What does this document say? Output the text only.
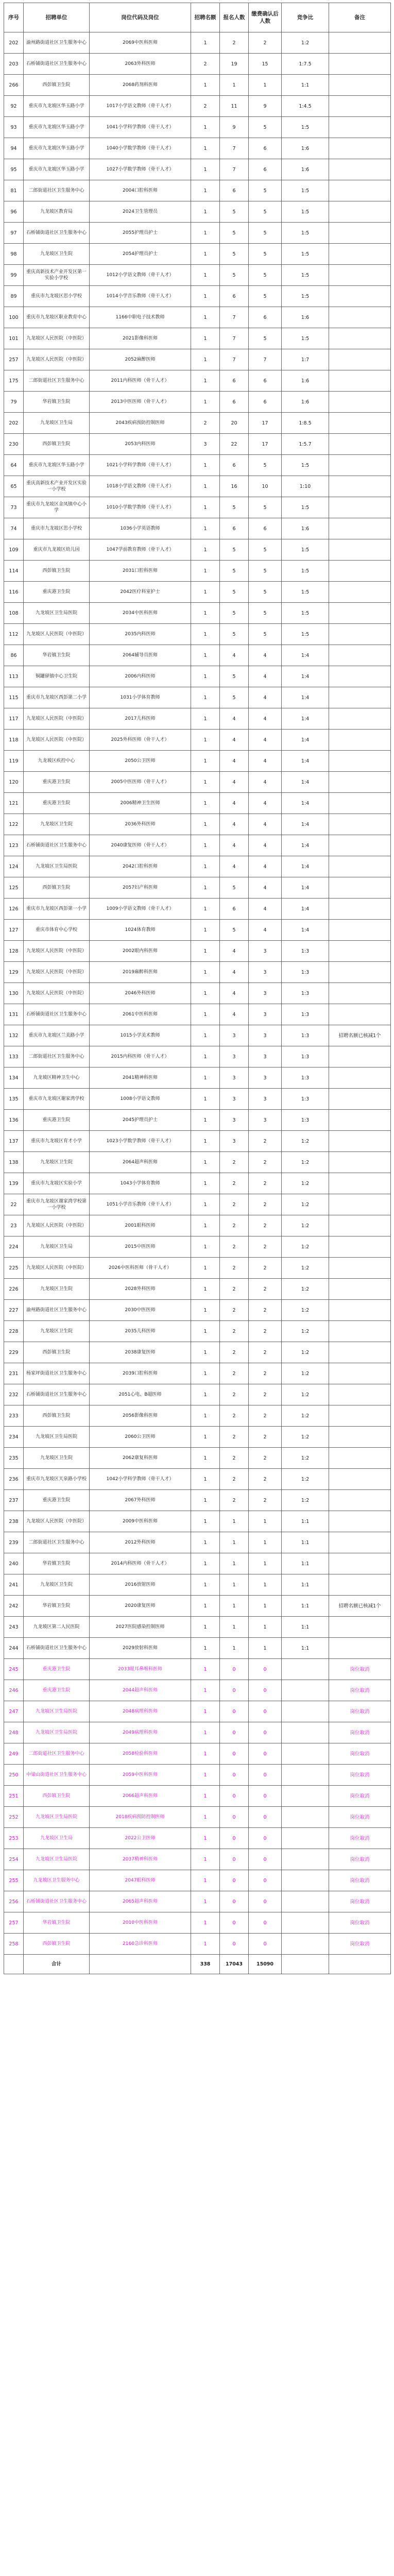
序号	招聘单位	岗位代码及岗位	招聘名额	报名人数	缴费确认后人数	竞争比	备注
202	渝州路街道社区卫生服务中心	2069中医科医师	1	2	2	1:2	
203	石桥铺街道社区卫生服务中心	2063外科医师	2	19	15	1:7.5	
266	西彭镇卫生院	2068药剂科医师	1	1	1	1:1	
92	重庆市九龙坡区华玉路小学	1017小学语文教师（骨干人才）	2	11	9	1:4.5	
93	重庆市九龙坡区华玉路小学	1041小学科学教师（骨干人才）	1	9	5	1:5	
94	重庆市九龙坡区华玉路小学	1040小学数学教师（骨干人才）	1	7	6	1:6	
95	重庆市九龙坡区华玉路小学	1027小学数学教师（骨干人才）	1	7	6	1:6	
81	二郎街道社区卫生服务中心	2004口腔科医师	1	6	5	1:5	
96	九龙坡区教育局	2024卫生管理员	1	5	5	1:5	
97	石桥铺街道社区卫生服务中心	2055护理员护士	1	5	5	1:5	
98	九龙坡区卫生院	2054护理员护士	1	5	5	1:5	
99	重庆高新技术产业开发区第一实验小学校	1012小学语文教师（骨干人才）	1	5	5	1:5	
89	重庆市九龙坡区思小学校	1014小学音乐教师（骨干人才）	1	6	5	1:5	
100	重庆市九龙坡区职业教育中心	1166中职电子技术教师	1	7	6	1:6	
101	九龙坡区人民医院（中医院）	2021影像科医师	1	7	5	1:5	
257	九龙坡区人民医院（中医院）	2052麻醉医师	1	7	7	1:7	
175	二郎街道社区卫生服务中心	2011内科医师（骨干人才）	1	6	6	1:6	
79	华岩镇卫生院	2013中医医师（骨干人才）	1	6	6	1:6	
202	九龙坡区卫生局	2043疾病预防控制医师	2	20	17	1:8.5	
230	西彭镇卫生院	2053内科医师	3	22	17	1:5.7	
64	重庆市九龙坡区华玉路小学	1021小学科学教师（骨干人才）	1	6	5	1:5	
65	重庆高新技术产业开发区实验一小学校	1018小学语文教师（骨干人才）	1	16	10	1:10	
73	重庆市九龙坡区金凤镇中心小学	1010小学数学教师（骨干人才）	1	5	5	1:5	
74	重庆市九龙坡区思小学校	1036小学英语教师	1	6	6	1:6	
109	重庆市九龙坡区幼儿园	1047学前教育教师（骨干人才）	1	5	5	1:5	
114	西彭镇卫生院	2031口腔科医师	1	5	5	1:5	
116	重庆港卫生院	2042医疗科室护士	1	5	5	1:5	
108	九龙坡区卫生局医院	2034中医科医师	1	5	5	1:5	
112	九龙坡区人民医院（中医院）	2035内科医师	1	5	5	1:5	
86	华岩镇卫生院	2064辅导员医师	1	4	4	1:4	
113	铜罐驿镇中心卫生院	2006内科医师	1	5	4	1:4	
115	重庆市九龙坡区西彭第二小学	1031小学体育教师	1	5	4	1:4	
117	九龙坡区人民医院（中医院）	2017儿科医师	1	4	4	1:4	
118	九龙坡区人民医院（中医院）	2025外科医师（骨干人才）	1	4	4	1:4	
119	九龙坡区疾控中心	2050公卫医师	1	4	4	1:4	
120	重庆港卫生院	2005中医医师（骨干人才）	1	4	4	1:4	
121	重庆港卫生院	2006精神卫生医师	1	4	4	1:4	
122	九龙坡区卫生院	2036外科医师	1	4	4	1:4	
123	石桥铺街道社区卫生服务中心	2040康复医师（骨干人才）	1	4	4	1:4	
124	九龙坡区卫生局医院	2042口腔科医师	1	4	4	1:4	
125	西彭镇卫生院	2057妇产科医师	1	5	4	1:4	
126	重庆市九龙坡区西彭第一小学	1009小学语文教师（骨干人才）	1	6	4	1:4	
127	重庆市体育中心学校	1024体育教师	1	5	4	1:4	
128	九龙坡区人民医院（中医院）	2002眼内科医师	1	4	3	1:3	
129	九龙坡区人民医院（中医院）	2019麻醉科医师	1	4	3	1:3	
130	九龙坡区人民医院（中医院）	2046外科医师	1	4	3	1:3	
131	石桥铺街道社区卫生服务中心	2061中医科医师	1	4	3	1:3	
132	重庆市九龙坡区兰美路小学	1015小学美术教师	1	3	3	1:3	招聘名额已核减1个
133	二郎街道社区卫生服务中心	2015内科医师（骨干人才）	1	3	3	1:3	
134	九龙坡区精神卫生中心	2041精神科医师	1	3	3	1:3	
135	重庆市九龙坡区谢家湾学校	1008小学语文教师	1	3	3	1:3	
136	重庆港卫生院	2045护理员护士	1	3	3	1:3	
137	重庆市九龙坡区育才小学	1023小学数学教师（骨干人才）	1	3	2	1:2	
138	九龙坡区卫生院	2064超声科医师	1	2	2	1:2	
139	重庆市九龙坡区实验小学	1043小学体育教师	1	2	2	1:2	
22	重庆市九龙坡区谢家湾学校第一小学校	1051小学音乐教师（骨干人才）	1	2	2	1:2	
23	九龙坡区人民医院（中医院）	2001眼科医师	1	2	2	1:2	
224	九龙坡区卫生局	2015中医医师	1	2	2	1:2	
225	九龙坡区人民医院（中医院）	2026中医科医师（骨干人才）	1	2	2	1:2	
226	九龙坡区卫生院	2028外科医师	1	2	2	1:2	
227	渝州路街道社区卫生服务中心	2030中医医师	1	2	2	1:2	
228	九龙坡区卫生院	2035儿科医师	1	2	2	1:2	
229	西彭镇卫生院	2038康复医师	1	2	2	1:2	
231	杨家坪街道社区卫生服务中心	2039口腔科医师	1	2	2	1:2	
232	石桥铺街道社区卫生服务中心	2051心电、B超医师	1	2	2	1:2	
233	西彭镇卫生院	2056影像科医师	1	2	2	1:2	
234	九龙坡区卫生局医院	2060公卫医师	1	2	2	1:2	
235	九龙坡区卫生院	2062康复科医师	1	2	2	1:2	
236	重庆市九龙坡区天泉路小学校	1042小学科学教师（骨干人才）	1	2	2	1:2	
237	重庆港卫生院	2067外科医师	1	2	2	1:2	
238	九龙坡区人民医院（中医院）	2009中医科医师	1	1	1	1:1	
239	二郎街道社区卫生服务中心	2012外科医师	1	1	1	1:1	
240	华岩镇卫生院	2014内科医师（骨干人才）	1	1	1	1:1	
241	九龙坡区卫生院	2016放射医师	1	1	1	1:1	
242	华岩镇卫生院	2020康复医师	1	1	1	1:1	招聘名额已核减1个
243	九龙坡区第二人民医院	2027医院感染控制医师	1	1	1	1:1	
244	石桥铺街道社区卫生服务中心	2029放射科医师	1	1	1	1:1	
245	重庆港卫生院	2033眼耳鼻喉科医师	1	0	0		岗位取消
246	重庆港卫生院	2044超声科医师	1	0	0		岗位取消
247	九龙坡区卫生局医院	2048病理科医师	1	0	0		岗位取消
248	九龙坡区卫生局医院	2049病理科医师	1	0	0		岗位取消
249	二郎街道社区卫生服务中心	2058检验科医师	1	0	0		岗位取消
250	中梁山街道社区卫生服务中心	2059中医科医师	1	0	0		岗位取消
251	西彭镇卫生院	2066超声科医师	1	0	0		岗位取消
252	九龙坡区卫生局医院	2018疾病预防控制医师	1	0	0		岗位取消
253	九龙坡区卫生局	2022公卫医师	1	0	0		岗位取消
254	九龙坡区卫生局医院	2037精神科医师	1	0	0		岗位取消
255	九龙坡区卫生服务中心	2047眼科医师	1	0	0		岗位取消
256	石桥铺街道社区卫生服务中心	2065超声科医师	1	0	0		岗位取消
257	华岩镇卫生院	2010中医科医师	1	0	0		岗位取消
258	西彭镇卫生院	2160急诊科医师	1	0	0		岗位取消
	合计		338	17043	15090		
